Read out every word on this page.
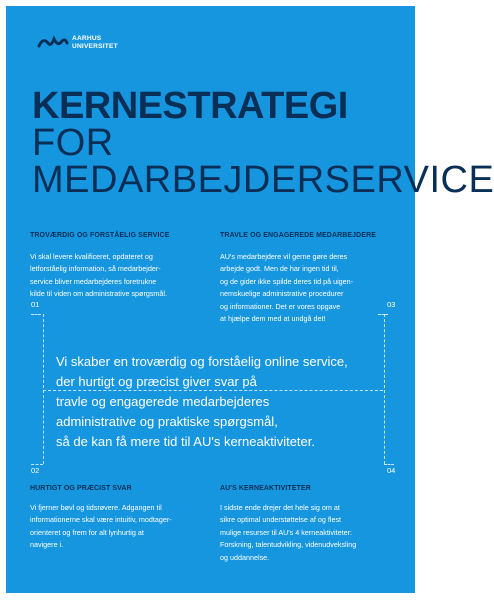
AARHUS
UNIVERSITET
KERNESTRATEGI
FOR
MEDARBEJDERSERVICE
TROVÆRDIG OG FORSTÅELIG SERVICE
Vi skal levere kvalificeret, opdateret og
letforståelig information, så medarbejder-
service bliver medarbejderes foretrukne
kilde til viden om administrative spørgsmål.
TRAVLE OG ENGAGEREDE MEDARBEJDERE
AU's medarbejdere vil gerne gøre deres
arbejde godt. Men de har ingen tid til,
og de gider ikke spilde deres tid på uigen-
nemskuelige administrative procedurer
og informationer. Det er vores opgave
at hjælpe dem med at undgå det!
HURTIGT OG PRÆCIST SVAR
Vi fjerner bøvl og tidsrøvere. Adgangen til
informationerne skal være intuitiv, modtager-
orienteret og frem for alt lynhurtig at
navigere i.
AU'S KERNEAKTIVITETER
I sidste ende drejer det hele sig om at
sikre optimal understøttelse af og flest
mulige resurser til AU's 4 kerneaktiviteter:
Forskning, talentudvikling, videnudveksling
og uddannelse.
01	03
02	04
Vi skaber en troværdig og forståelig online service,
der hurtigt og præcist giver svar på
travle og engagerede medarbejderes
administrative og praktiske spørgsmål,
så de kan få mere tid til AU's kerneaktiviteter.
